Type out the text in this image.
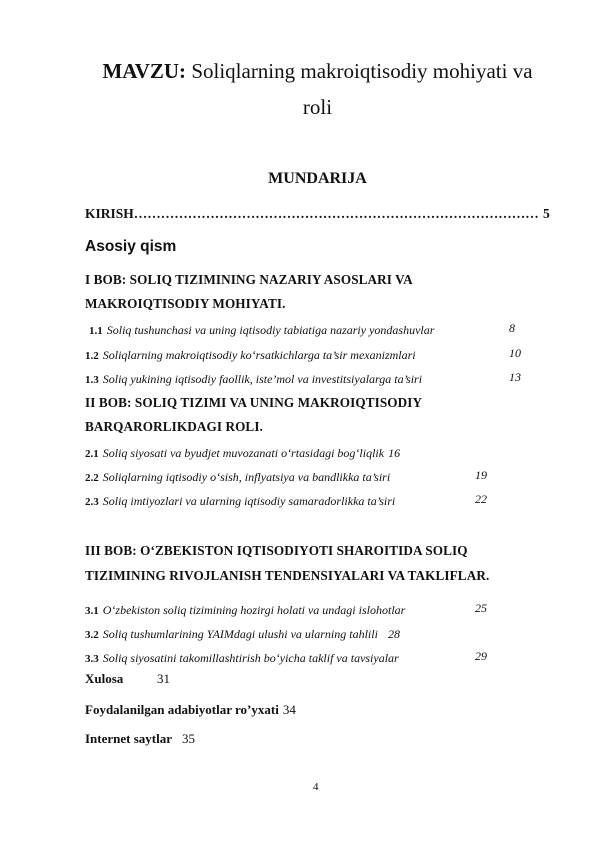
MAVZU: Soliqlarning makroiqtisodiy mohiyati va
roli
MUNDARIJA
KIRISH……………………………………………………………………………… 5
Asosiy qism
I BOB: SOLIQ TIZIMINING NAZARIY ASOSLARI VA
MAKROIQTISODIY MOHIYATI.
1.1 Soliq tushunchasi va uning iqtisodiy tabiatiga nazariy yondashuvlar	8
1.2 Soliqlarning makroiqtisodiy ko‘rsatkichlarga ta’sir mexanizmlari	10
1.3 Soliq yukining iqtisodiy faollik, iste’mol va investitsiyalarga ta’siri	13
II BOB: SOLIQ TIZIMI VA UNING MAKROIQTISODIY
BARQARORLIKDAGI ROLI.
2.1 Soliq siyosati va byudjet muvozanati o‘rtasidagi bog‘liqlik 16
2.2 Soliqlarning iqtisodiy o‘sish, inflyatsiya va bandlikka ta’siri	19
2.3 Soliq imtiyozlari va ularning iqtisodiy samaradorlikka ta’siri	22
III BOB: O‘ZBEKISTON IQTISODIYOTI SHAROITIDA SOLIQ
TIZIMINING RIVOJLANISH TENDENSIYALARI VA TAKLIFLAR.
3.1 O‘zbekiston soliq tizimining hozirgi holati va undagi islohotlar	25
3.2 Soliq tushumlarining YAIMdagi ulushi va ularning tahlili 28
3.3 Soliq siyosatini takomillashtirish bo‘yicha taklif va tavsiyalar	29
Xulosa	31
Foydalanilgan adabiyotlar ro’yxati 34
Internet saytlar 35
4
